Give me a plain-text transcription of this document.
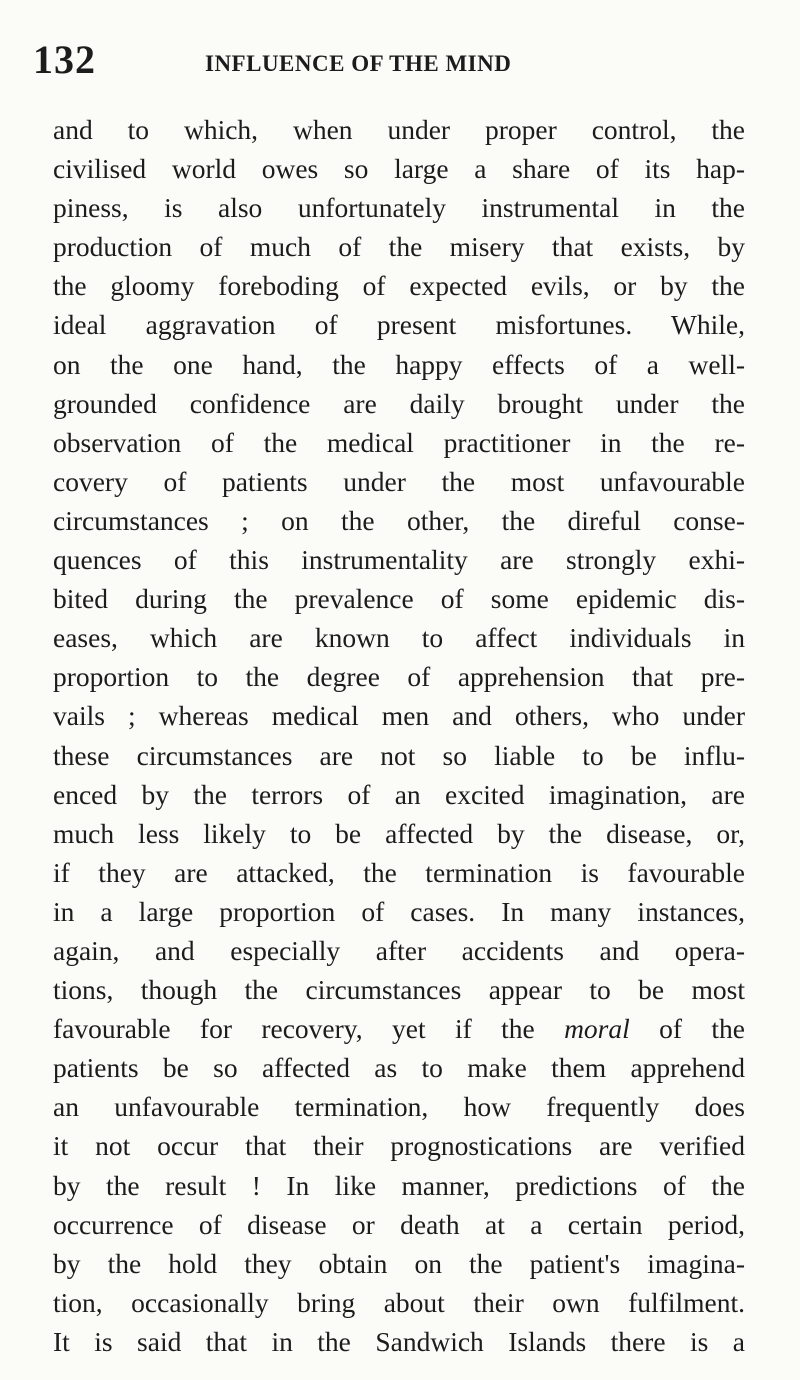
132	INFLUENCE OF THE MIND
and to which, when under proper control, the
civilised world owes so large a share of its hap-
piness, is also unfortunately instrumental in the
production of much of the misery that exists, by
the gloomy foreboding of expected evils, or by the
ideal aggravation of present misfortunes. While,
on the one hand, the happy effects of a well-
grounded confidence are daily brought under the
observation of the medical practitioner in the re-
covery of patients under the most unfavourable
circumstances ; on the other, the direful conse-
quences of this instrumentality are strongly exhi-
bited during the prevalence of some epidemic dis-
eases, which are known to affect individuals in
proportion to the degree of apprehension that pre-
vails ; whereas medical men and others, who under
these circumstances are not so liable to be influ-
enced by the terrors of an excited imagination, are
much less likely to be affected by the disease, or,
if they are attacked, the termination is favourable
in a large proportion of cases. In many instances,
again, and especially after accidents and opera-
tions, though the circumstances appear to be most
favourable for recovery, yet if the moral of the
patients be so affected as to make them apprehend
an unfavourable termination, how frequently does
it not occur that their prognostications are verified
by the result ! In like manner, predictions of the
occurrence of disease or death at a certain period,
by the hold they obtain on the patient's imagina-
tion, occasionally bring about their own fulfilment.
It is said that in the Sandwich Islands there is a
